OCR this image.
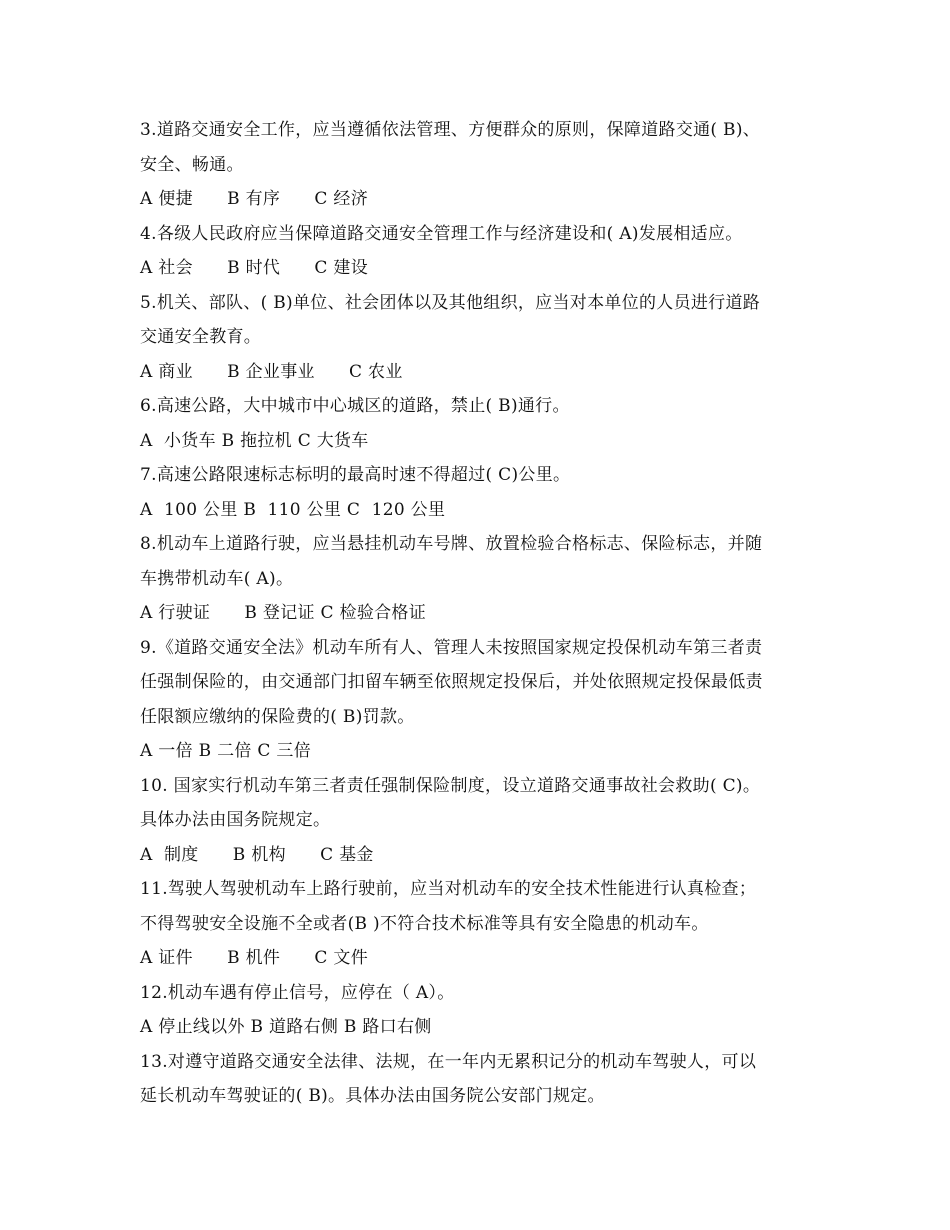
3.道路交通安全工作，应当遵循依法管理、方便群众的原则，保障道路交通( B)、
安全、畅通。
A 便捷      B 有序      C 经济
4.各级人民政府应当保障道路交通安全管理工作与经济建设和( A)发展相适应。
A 社会      B 时代      C 建设
5.机关、部队、( B)单位、社会团体以及其他组织，应当对本单位的人员进行道路
交通安全教育。
A 商业      B 企业事业      C 农业
6.高速公路，大中城市中心城区的道路，禁止( B)通行。
A  小货车 B 拖拉机 C 大货车
7.高速公路限速标志标明的最高时速不得超过( C)公里。
A  100 公里 B  110 公里 C  120 公里
8.机动车上道路行驶，应当悬挂机动车号牌、放置检验合格标志、保险标志，并随
车携带机动车( A)。
A 行驶证      B 登记证 C 检验合格证
9.《道路交通安全法》机动车所有人、管理人未按照国家规定投保机动车第三者责
任强制保险的，由交通部门扣留车辆至依照规定投保后，并处依照规定投保最低责
任限额应缴纳的保险费的( B)罚款。
A 一倍 B 二倍 C 三倍
10. 国家实行机动车第三者责任强制保险制度，设立道路交通事故社会救助( C)。
具体办法由国务院规定。
A  制度      B 机构      C 基金
11.驾驶人驾驶机动车上路行驶前，应当对机动车的安全技术性能进行认真检查；
不得驾驶安全设施不全或者(B )不符合技术标准等具有安全隐患的机动车。
A 证件      B 机件      C 文件
12.机动车遇有停止信号，应停在（ A）。
A 停止线以外 B 道路右侧 B 路口右侧
13.对遵守道路交通安全法律、法规，在一年内无累积记分的机动车驾驶人，可以
延长机动车驾驶证的( B)。具体办法由国务院公安部门规定。
